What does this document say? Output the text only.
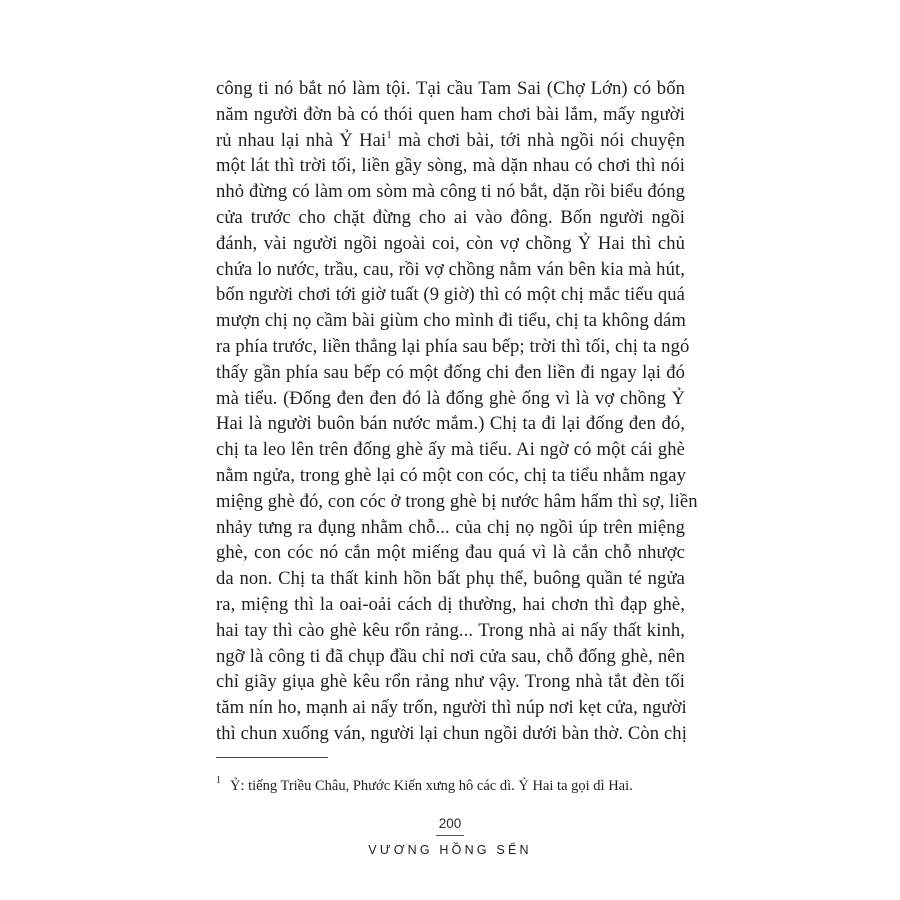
công ti nó bắt nó làm tội. Tại cầu Tam Sai (Chợ Lớn) có bốn
năm người đờn bà có thói quen ham chơi bài lắm, mấy người
rủ nhau lại nhà Ỷ Hai$^1$ mà chơi bài, tới nhà ngồi nói chuyện
một lát thì trời tối, liền gầy sòng, mà dặn nhau có chơi thì nói
nhỏ đừng có làm om sòm mà công ti nó bắt, dặn rồi biểu đóng
cửa trước cho chặt đừng cho ai vào đông. Bốn người ngồi
đánh, vài người ngồi ngoài coi, còn vợ chồng Ỷ Hai thì chủ
chứa lo nước, trầu, cau, rồi vợ chồng nằm ván bên kia mà hút,
bốn người chơi tới giờ tuất (9 giờ) thì có một chị mắc tiểu quá
mượn chị nọ cầm bài giùm cho mình đi tiểu, chị ta không dám
ra phía trước, liền thẳng lại phía sau bếp; trời thì tối, chị ta ngó
thấy gần phía sau bếp có một đống chi đen liền đi ngay lại đó
mà tiểu. (Đống đen đen đó là đống ghè ống vì là vợ chồng Ỷ
Hai là người buôn bán nước mắm.) Chị ta đi lại đống đen đó,
chị ta leo lên trên đống ghè ấy mà tiểu. Ai ngờ có một cái ghè
nằm ngửa, trong ghè lại có một con cóc, chị ta tiểu nhằm ngay
miệng ghè đó, con cóc ở trong ghè bị nước hâm hẩm thì sợ, liền
nhảy tưng ra đụng nhằm chỗ... của chị nọ ngồi úp trên miệng
ghè, con cóc nó cắn một miếng đau quá vì là cắn chỗ nhược
da non. Chị ta thất kinh hồn bất phụ thể, buông quần té ngửa
ra, miệng thì la oai-oải cách dị thường, hai chơn thì đạp ghè,
hai tay thì cào ghè kêu rổn rảng... Trong nhà ai nấy thất kinh,
ngỡ là công ti đã chụp đầu chỉ nơi cửa sau, chỗ đống ghè, nên
chỉ giãy giụa ghè kêu rổn rảng như vậy. Trong nhà tắt đèn tối
tăm nín ho, mạnh ai nấy trốn, người thì núp nơi kẹt cửa, người
thì chun xuống ván, người lại chun ngồi dưới bàn thờ. Còn chị
$^1$ Ỷ: tiếng Triều Châu, Phước Kiến xưng hô các dì. Ỷ Hai ta gọi dì Hai.
200
VƯƠNG HỒNG SỂN
